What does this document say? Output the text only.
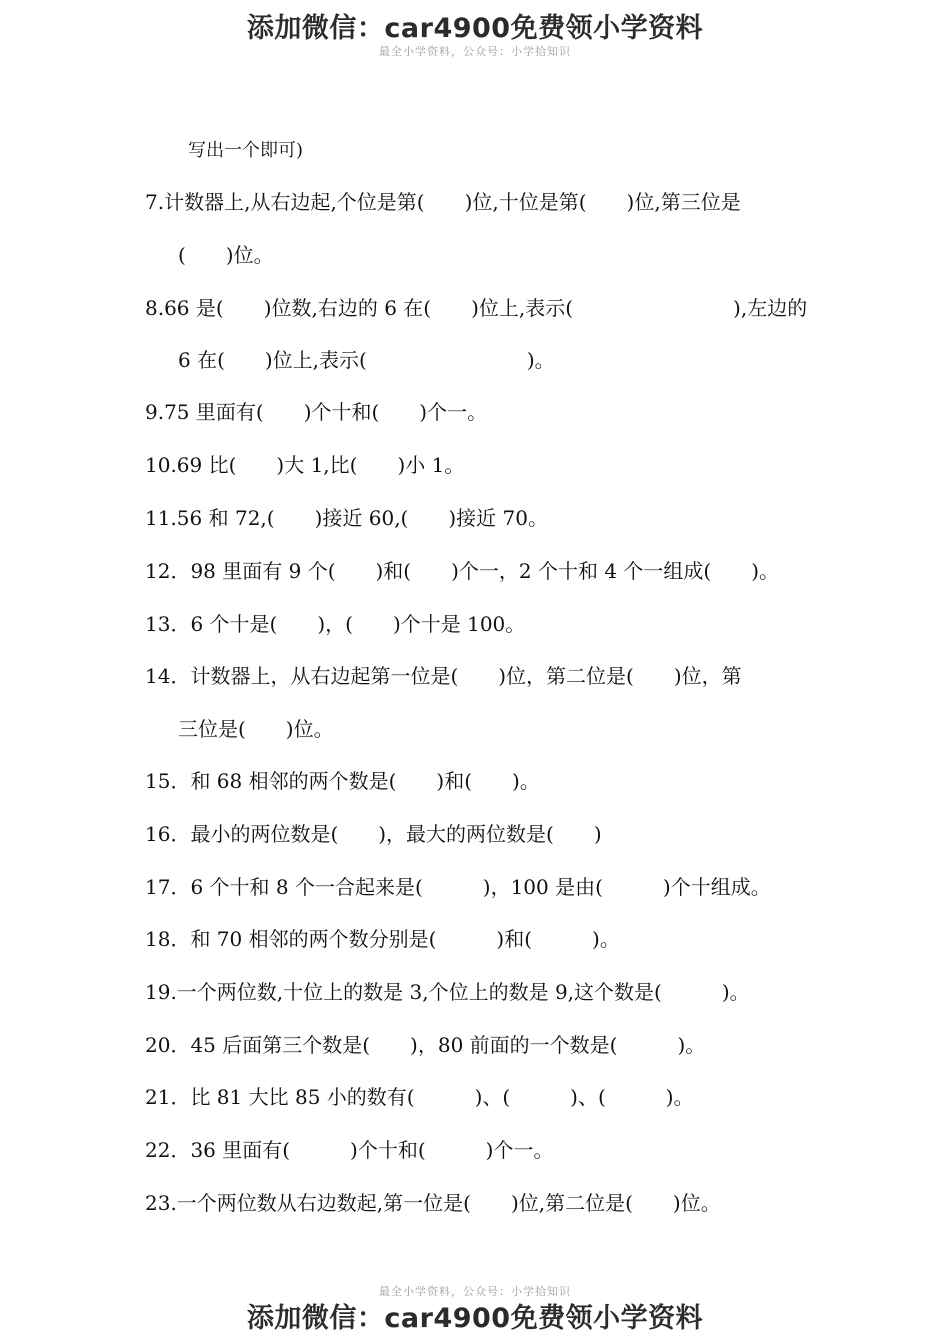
添加微信：car4900免费领小学资料
最全小学资料，公众号：小学拾知识
写出一个即可)
7.计数器上,从右边起,个位是第(　　)位,十位是第(　　)位,第三位是
(　　)位。
8.66 是(　　)位数,右边的 6 在(　　)位上,表示(　　　　　　　　),左边的
6 在(　　)位上,表示(　　　　　　　　)。
9.75 里面有(　　)个十和(　　)个一。
10.69 比(　　)大 1,比(　　)小 1。
11.56 和 72,(　　)接近 60,(　　)接近 70。
12．98 里面有 9 个(　　)和(　　)个一，2 个十和 4 个一组成(　　)。
13．6 个十是(　　)，(　　)个十是 100。
14．计数器上，从右边起第一位是(　　)位，第二位是(　　)位，第
三位是(　　)位。
15．和 68 相邻的两个数是(　　)和(　　)。
16．最小的两位数是(　　)，最大的两位数是(　　)
17．6 个十和 8 个一合起来是(　　　)，100 是由(　　　)个十组成。
18．和 70 相邻的两个数分别是(　　　)和(　　　)。
19.一个两位数,十位上的数是 3,个位上的数是 9,这个数是(　　　)。
20．45 后面第三个数是(　　)，80 前面的一个数是(　　　)。
21．比 81 大比 85 小的数有(　　　)、(　　　)、(　　　)。
22．36 里面有(　　　)个十和(　　　)个一。
23.一个两位数从右边数起,第一位是(　　)位,第二位是(　　)位。
最全小学资料，公众号：小学拾知识
添加微信：car4900免费领小学资料
